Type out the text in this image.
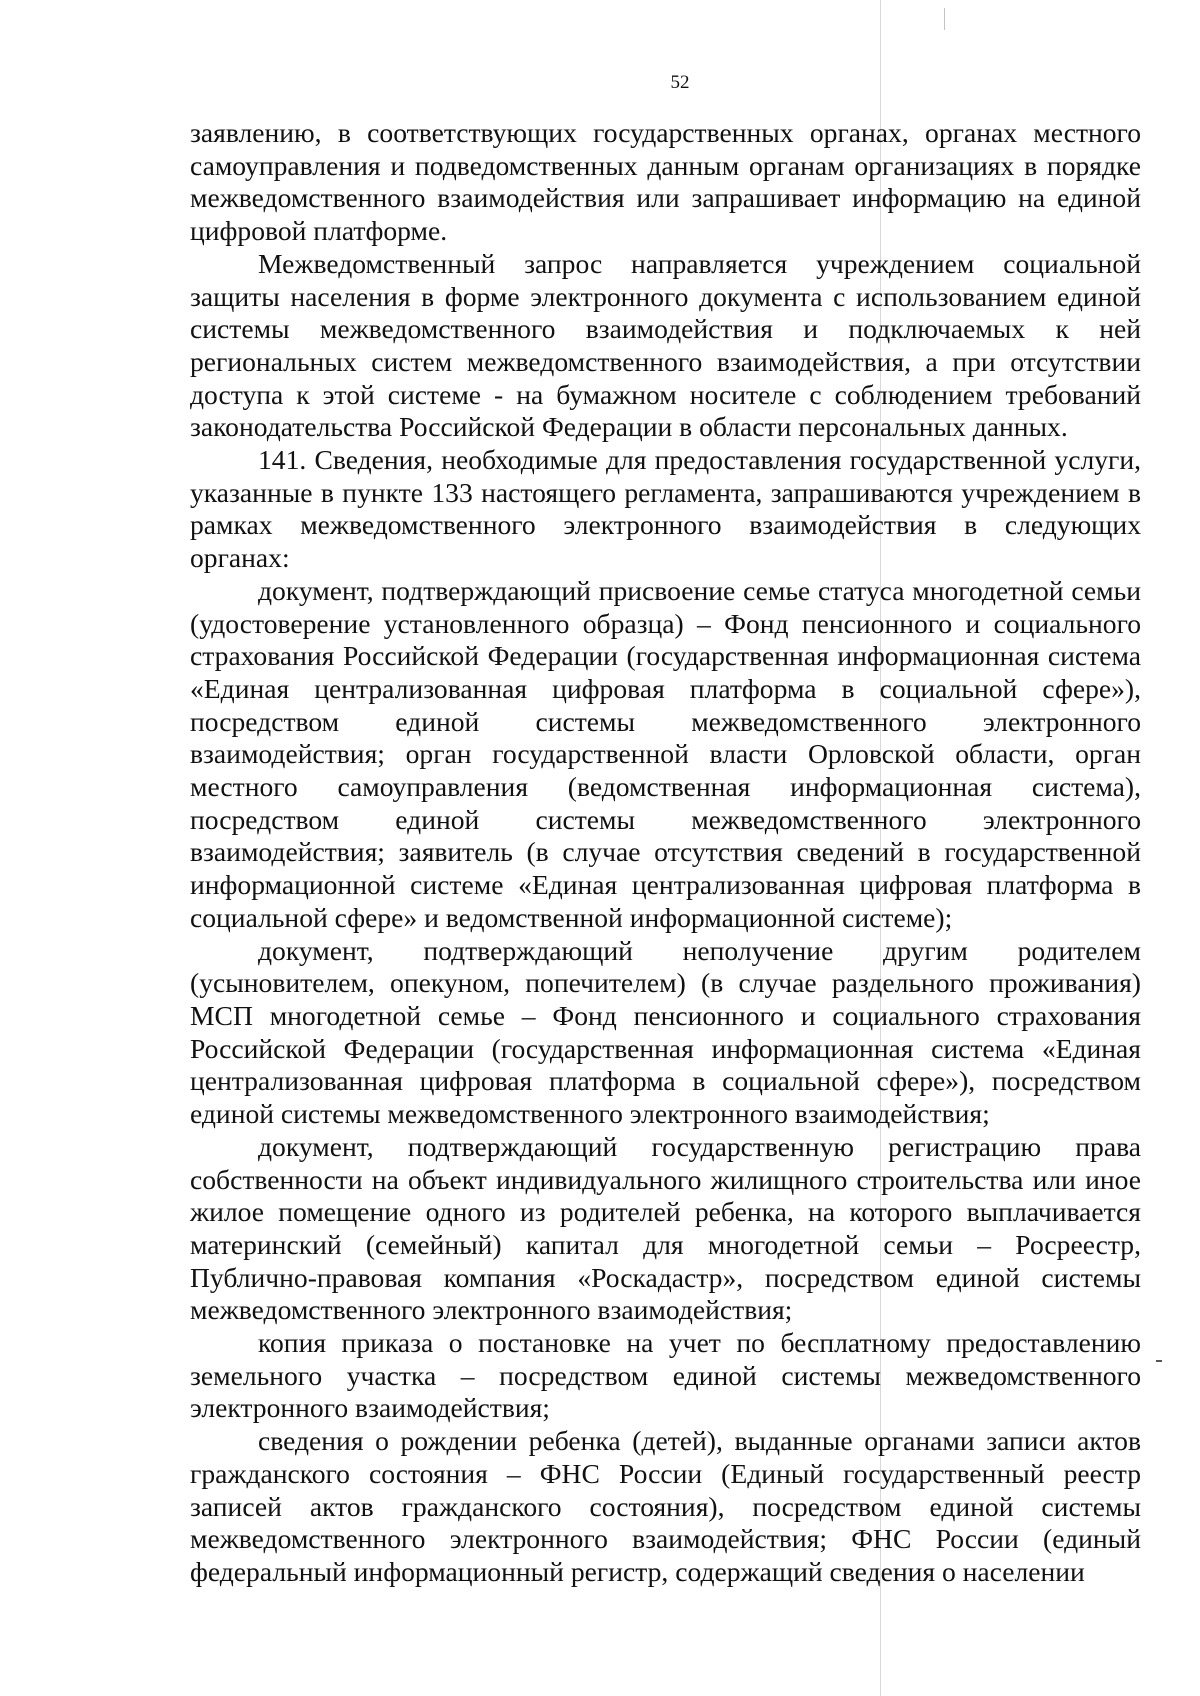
52

заявлению, в соответствующих государственных органах, органах местного самоуправления и подведомственных данным органам организациях в порядке межведомственного взаимодействия или запрашивает информацию на единой цифровой платформе.

Межведомственный запрос направляется учреждением социальной защиты населения в форме электронного документа с использованием единой системы межведомственного взаимодействия и подключаемых к ней региональных систем межведомственного взаимодействия, а при отсутствии доступа к этой системе - на бумажном носителе с соблюдением требований законодательства Российской Федерации в области персональных данных.

141. Сведения, необходимые для предоставления государственной услуги, указанные в пункте 133 настоящего регламента, запрашиваются учреждением в рамках межведомственного электронного взаимодействия в следующих органах:

документ, подтверждающий присвоение семье статуса многодетной семьи (удостоверение установленного образца) – Фонд пенсионного и социального страхования Российской Федерации (государственная информационная система «Единая централизованная цифровая платформа в социальной сфере»), посредством единой системы межведомственного электронного взаимодействия; орган государственной власти Орловской области, орган местного самоуправления (ведомственная информационная система), посредством единой системы межведомственного электронного взаимодействия; заявитель (в случае отсутствия сведений в государственной информационной системе «Единая централизованная цифровая платформа в социальной сфере» и ведомственной информационной системе);

документ, подтверждающий неполучение другим родителем (усыновителем, опекуном, попечителем) (в случае раздельного проживания) МСП многодетной семье – Фонд пенсионного и социального страхования Российской Федерации (государственная информационная система «Единая централизованная цифровая платформа в социальной сфере»), посредством единой системы межведомственного электронного взаимодействия;

документ, подтверждающий государственную регистрацию права собственности на объект индивидуального жилищного строительства или иное жилое помещение одного из родителей ребенка, на которого выплачивается материнский (семейный) капитал для многодетной семьи – Росреестр, Публично-правовая компания «Роскадастр», посредством единой системы межведомственного электронного взаимодействия;

копия приказа о постановке на учет по бесплатному предоставлению земельного участка – посредством единой системы межведомственного электронного взаимодействия;

сведения о рождении ребенка (детей), выданные органами записи актов гражданского состояния – ФНС России (Единый государственный реестр записей актов гражданского состояния), посредством единой системы межведомственного электронного взаимодействия; ФНС России (единый федеральный информационный регистр, содержащий сведения о населении
